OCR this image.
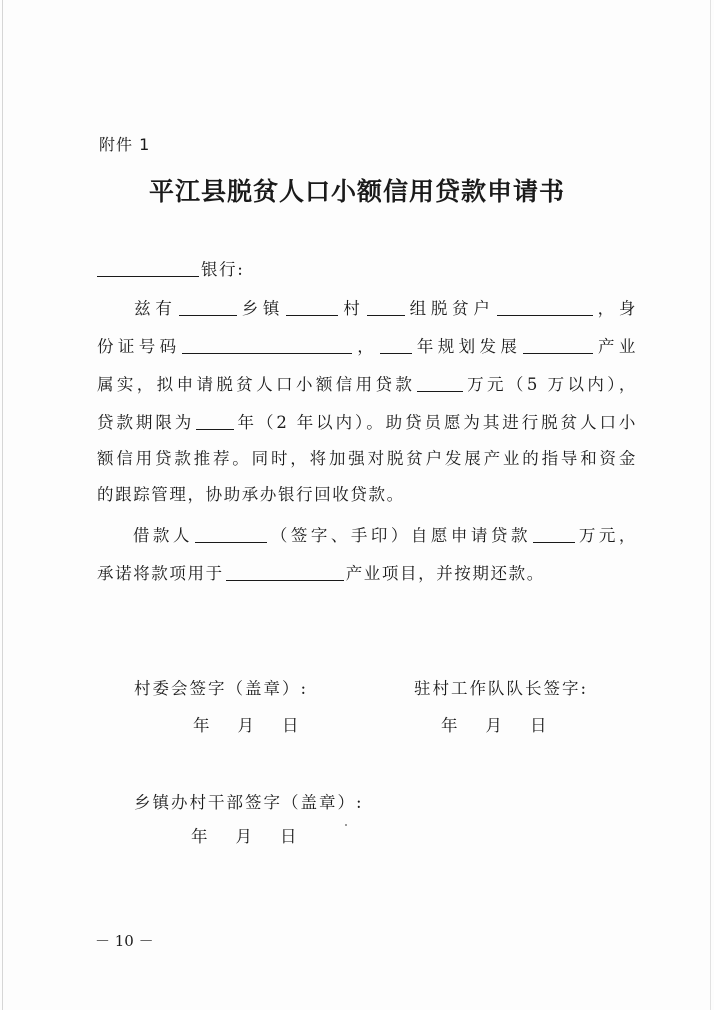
附件 1
平江县脱贫人口小额信用贷款申请书
银行:
兹有	乡镇	村	组脱贫户	，身
份证号码	， 年规划发展	产业
属实，拟申请脱贫人口小额信用贷款	万元（5 万以内），
贷款期限为	年（2 年以内）。助贷员愿为其进行脱贫人口小
额信用贷款推荐。同时，将加强对脱贫户发展产业的指导和资金
的跟踪管理，协助承办银行回收贷款。
借款人	（签字、手印）自愿申请贷款	万元，
承诺将款项用于	产业项目，并按期还款。
村委会签字（盖章）:	驻村工作队队长签字:
年 月 日	年 月 日
乡镇办村干部签字（盖章）:
年 月 日
－ 10 －
